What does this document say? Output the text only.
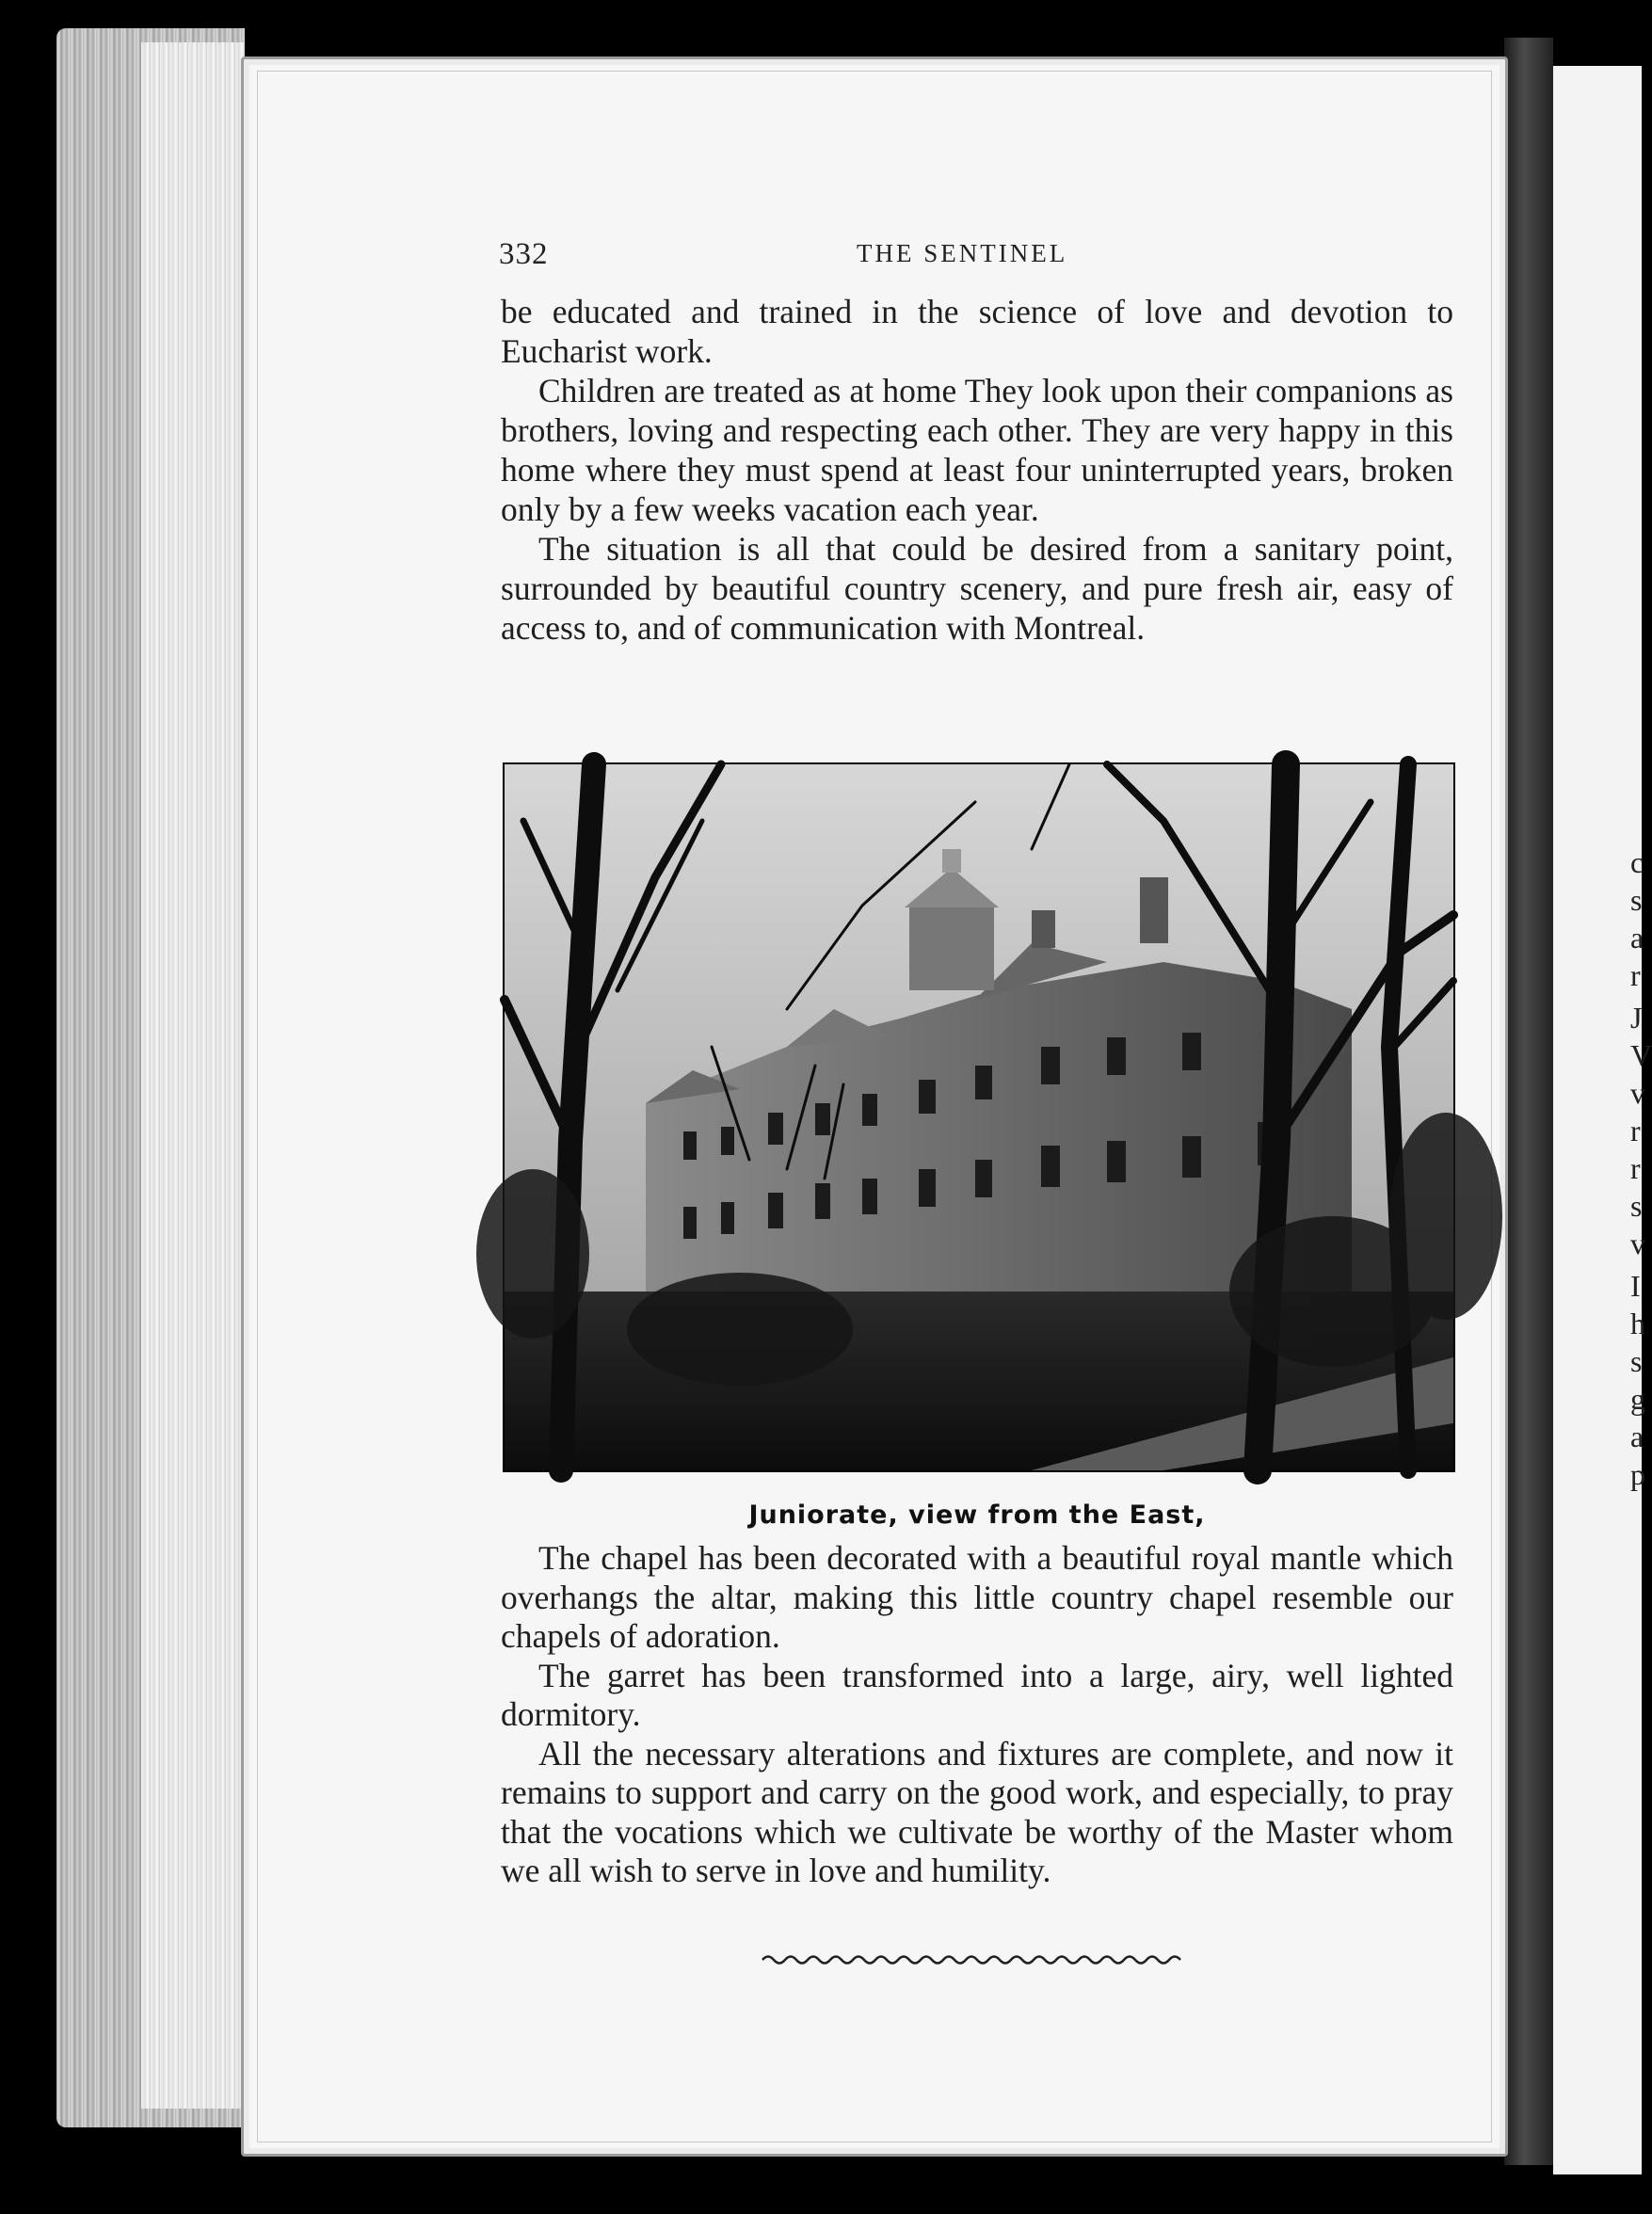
c
s
a
r
J
V
v
r
r
s
v
I
h
s
g
a
p
332	THE SENTINEL

be educated and trained in the science of love and devotion to Eucharist work.

Children are treated as at home They look upon their companions as brothers, loving and respecting each other. They are very happy in this home where they must spend at least four uninterrupted years, broken only by a few weeks vacation each year.

The situation is all that could be desired from a sanitary point, surrounded by beautiful country scenery, and pure fresh air, easy of access to, and of communication with Montreal.

Juniorate, view from the East,

The chapel has been decorated with a beautiful royal mantle which overhangs the altar, making this little country chapel resemble our chapels of adoration.

The garret has been transformed into a large, airy, well lighted dormitory.

All the necessary alterations and fixtures are complete, and now it remains to support and carry on the good work, and especially, to pray that the vocations which we cultivate be worthy of the Master whom we all wish to serve in love and humility.
